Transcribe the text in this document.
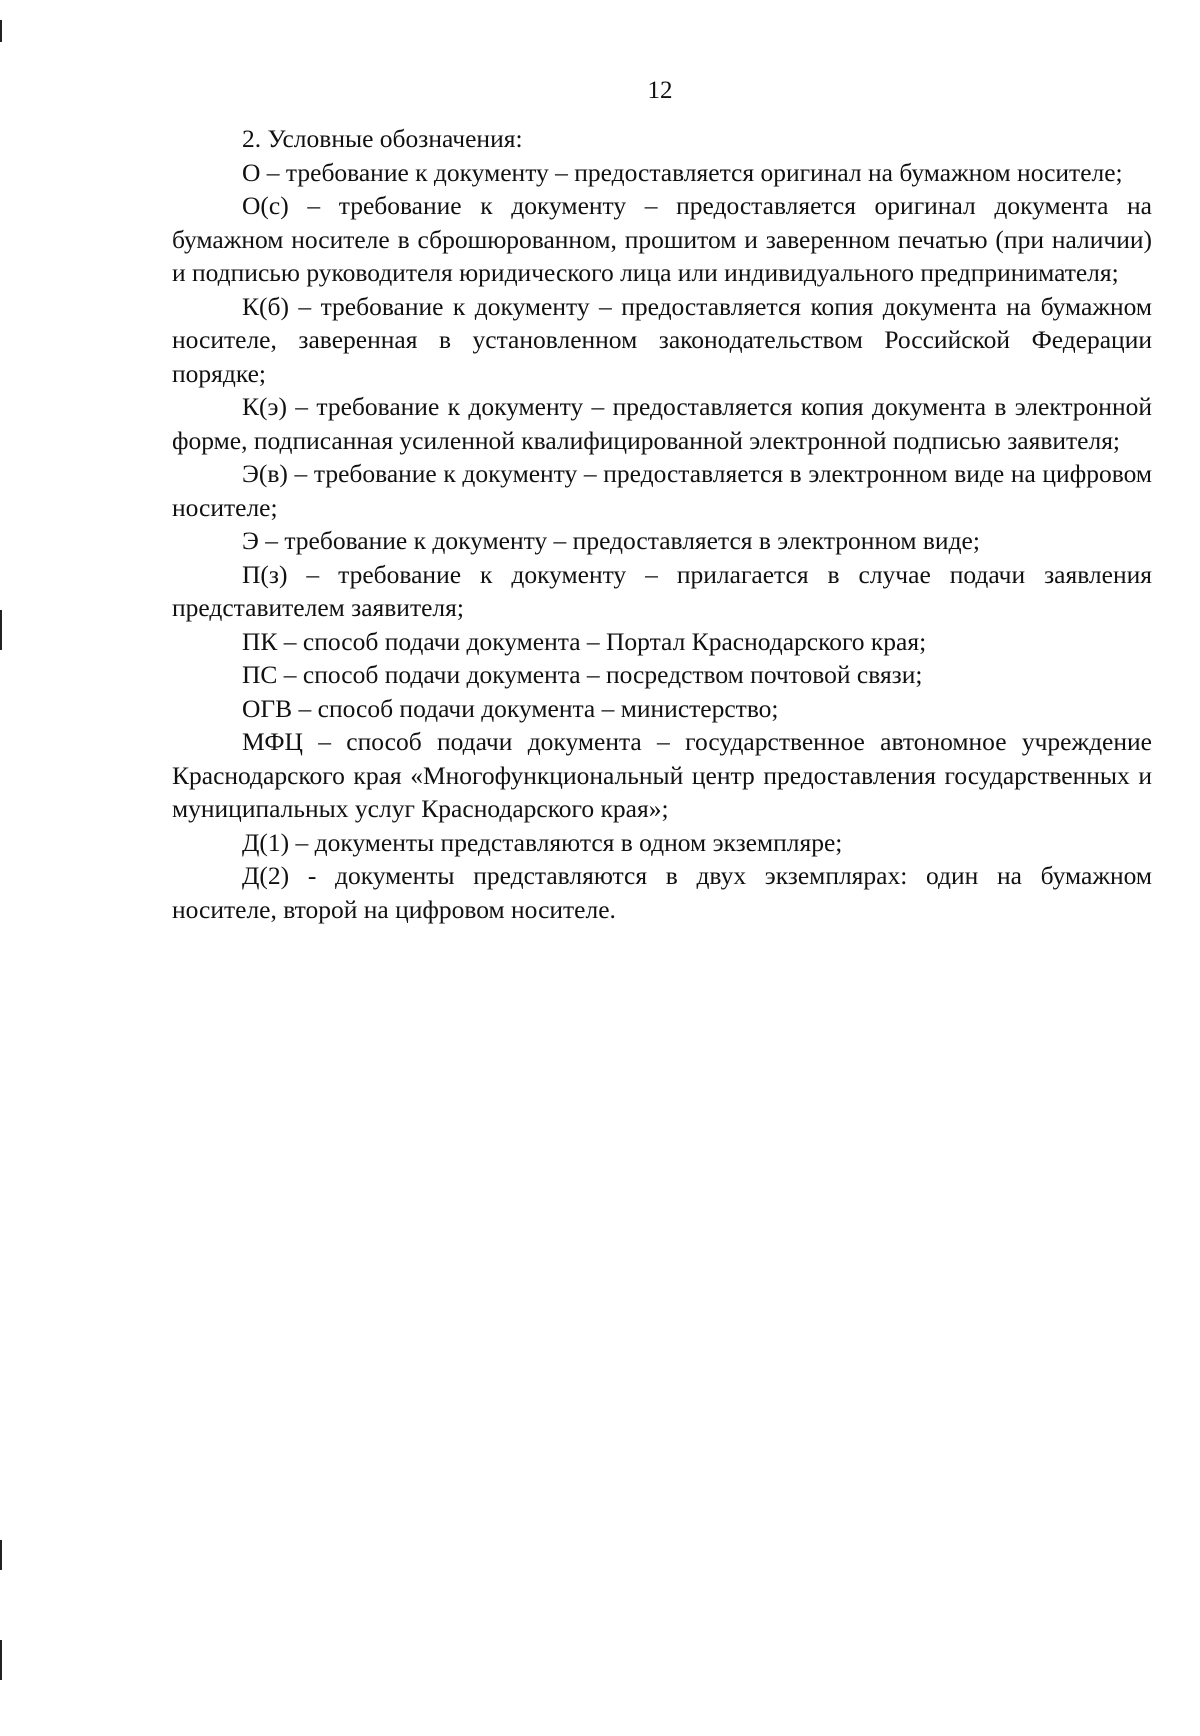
12

2. Условные обозначения:

О – требование к документу – предоставляется оригинал на бумажном носителе;

О(с) – требование к документу – предоставляется оригинал документа на бумажном носителе в сброшюрованном, прошитом и заверенном печатью (при наличии) и подписью руководителя юридического лица или индивидуального предпринимателя;

К(б) – требование к документу – предоставляется копия документа на бумажном носителе, заверенная в установленном законодательством Российской Федерации порядке;

К(э) – требование к документу – предоставляется копия документа в электронной форме, подписанная усиленной квалифицированной электронной подписью заявителя;

Э(в) – требование к документу – предоставляется в электронном виде на цифровом носителе;

Э – требование к документу – предоставляется в электронном виде;

П(з) – требование к документу – прилагается в случае подачи заявления представителем заявителя;

ПК – способ подачи документа – Портал Краснодарского края;

ПС – способ подачи документа – посредством почтовой связи;

ОГВ – способ подачи документа – министерство;

МФЦ – способ подачи документа – государственное автономное учреждение Краснодарского края «Многофункциональный центр предоставления государственных и муниципальных услуг Краснодарского края»;

Д(1) – документы представляются в одном экземпляре;

Д(2) - документы представляются в двух экземплярах: один на бумажном носителе, второй на цифровом носителе.
